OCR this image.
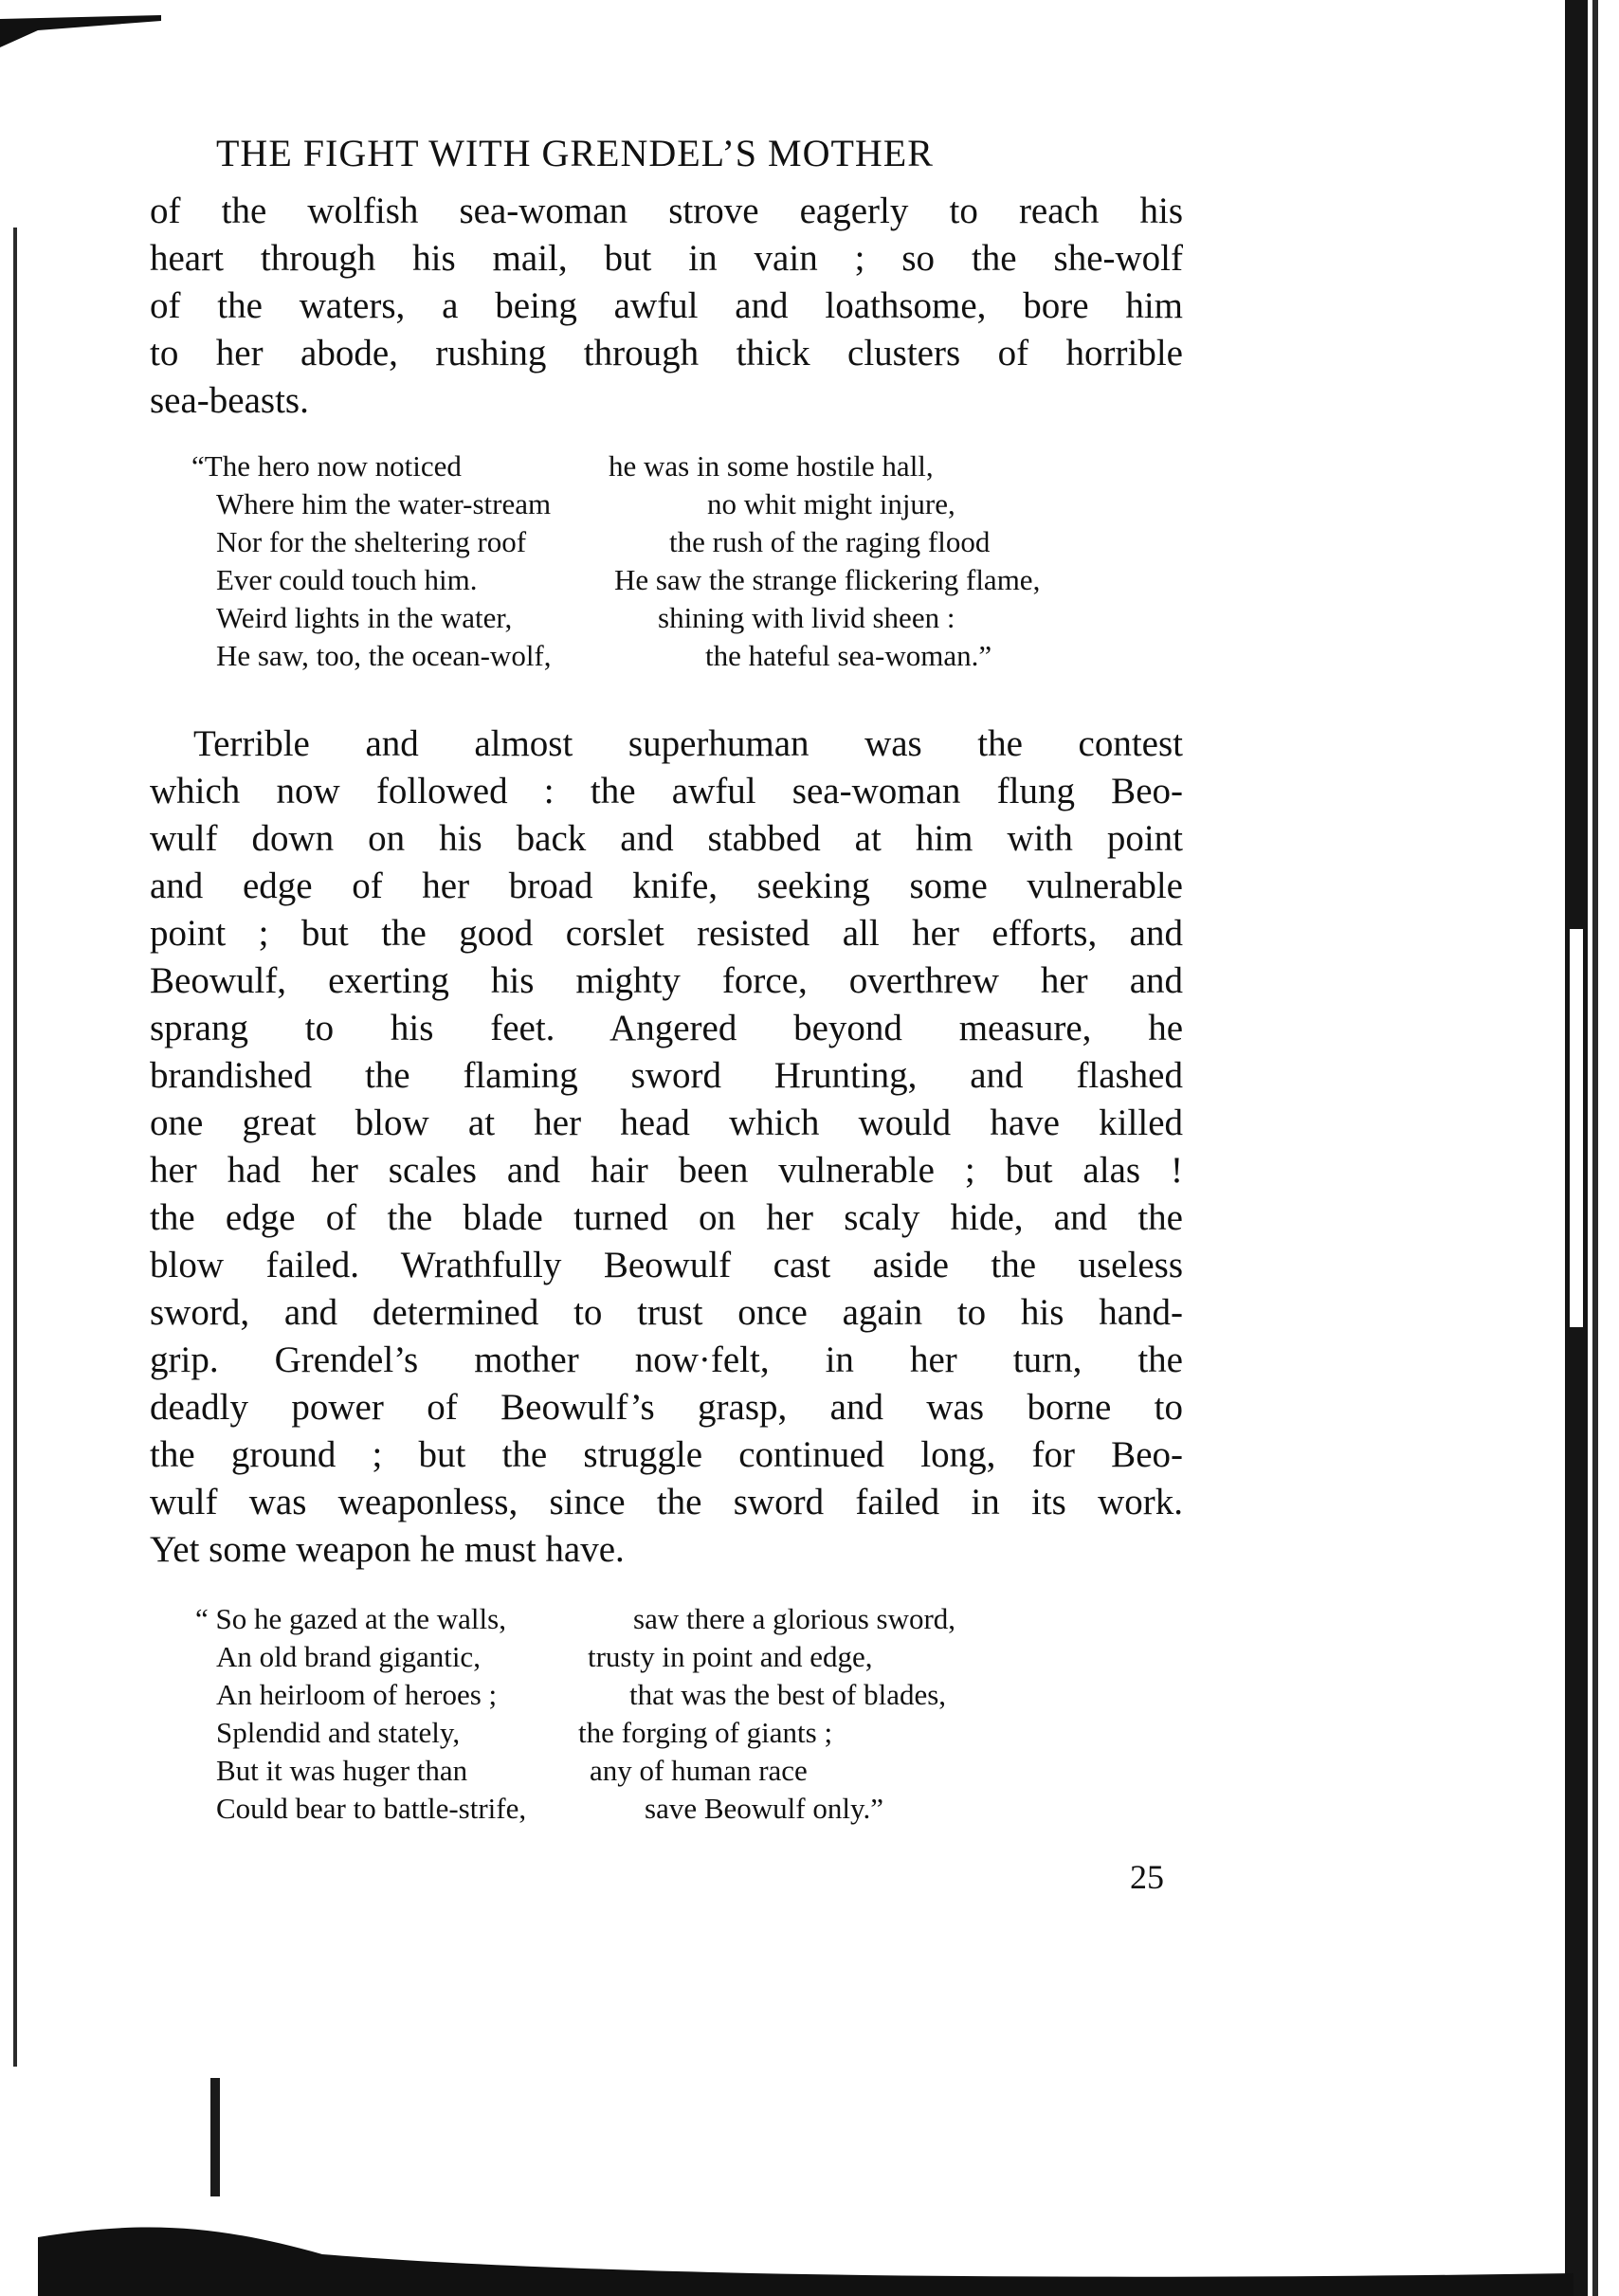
THE FIGHT WITH GRENDEL’S MOTHER
of the wolfish sea-woman strove eagerly to reach his
heart through his mail, but in vain ; so the she-wolf
of the waters, a being awful and loathsome, bore him
to her abode, rushing through thick clusters of horrible
sea-beasts.
“The hero now noticed	he was in some hostile hall,
Where him the water-stream	no whit might injure,
Nor for the sheltering roof	the rush of the raging flood
Ever could touch him.	He saw the strange flickering flame,
Weird lights in the water,	shining with livid sheen :
He saw, too, the ocean-wolf,	the hateful sea-woman.”
Terrible and almost superhuman was the contest
which now followed : the awful sea-woman flung Beo-
wulf down on his back and stabbed at him with point
and edge of her broad knife, seeking some vulnerable
point ; but the good corslet resisted all her efforts, and
Beowulf, exerting his mighty force, overthrew her and
sprang to his feet. Angered beyond measure, he
brandished the flaming sword Hrunting, and flashed
one great blow at her head which would have killed
her had her scales and hair been vulnerable ; but alas !
the edge of the blade turned on her scaly hide, and the
blow failed. Wrathfully Beowulf cast aside the useless
sword, and determined to trust once again to his hand-
grip. Grendel’s mother now·felt, in her turn, the
deadly power of Beowulf’s grasp, and was borne to
the ground ; but the struggle continued long, for Beo-
wulf was weaponless, since the sword failed in its work.
Yet some weapon he must have.
“ So he gazed at the walls,	saw there a glorious sword,
An old brand gigantic,	trusty in point and edge,
An heirloom of heroes ;	that was the best of blades,
Splendid and stately,	the forging of giants ;
But it was huger than	any of human race
Could bear to battle-strife,	save Beowulf only.”
25
